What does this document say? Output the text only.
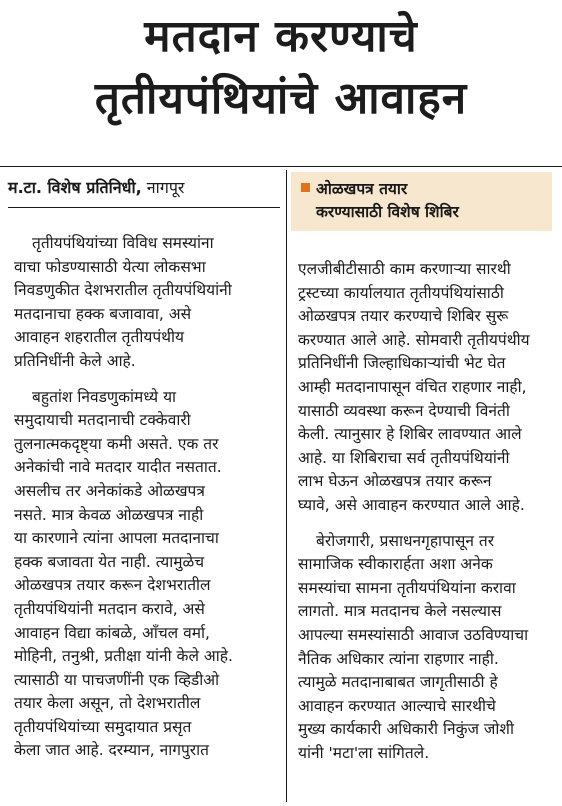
मतदान करण्याचे
तृतीयपंथियांचे आवाहन
म.टा. विशेष प्रतिनिधी, नागपूर	ओळखपत्र तयार
करण्यासाठी विशेष शिबिर
तृतीयपंथियांच्या विविध समस्यांना
वाचा फोडण्यासाठी येत्या लोकसभा
निवडणुकीत देशभरातील तृतीयपंथियांनी
मतदानाचा हक्क बजावावा, असे
आवाहन शहरातील तृतीयपंथीय
प्रतिनिधींनी केले आहे.
बहुतांश निवडणुकांमध्ये या
समुदायाची मतदानाची टक्केवारी
तुलनात्मकदृष्ट्या कमी असते. एक तर
अनेकांची नावे मतदार यादीत नसतात.
असलीच तर अनेकांकडे ओळखपत्र
नसते. मात्र केवळ ओळखपत्र नाही
या कारणाने त्यांना आपला मतदानाचा
हक्क बजावता येत नाही. त्यामुळेच
ओळखपत्र तयार करून देशभरातील
तृतीयपंथियांनी मतदान करावे, असे
आवाहन विद्या कांबळे, आँचल वर्मा,
मोहिनी, तनुश्री, प्रतीक्षा यांनी केले आहे.
त्यासाठी या पाचजणींनी एक व्हिडीओ
तयार केला असून, तो देशभरातील
तृतीयपंथियांच्या समुदायात प्रसृत
केला जात आहे. दरम्यान, नागपुरात
एलजीबीटीसाठी काम करणाऱ्या सारथी
ट्रस्टच्या कार्यालयात तृतीयपंथियांसाठी
ओळखपत्र तयार करण्याचे शिबिर सुरू
करण्यात आले आहे. सोमवारी तृतीयपंथीय
प्रतिनिधींनी जिल्हाधिकाऱ्यांची भेट घेत
आम्ही मतदानापासून वंचित राहणार नाही,
यासाठी व्यवस्था करून देण्याची विनंती
केली. त्यानुसार हे शिबिर लावण्यात आले
आहे. या शिबिराचा सर्व तृतीयपंथियांनी
लाभ घेऊन ओळखपत्र तयार करून
घ्यावे, असे आवाहन करण्यात आले आहे.
बेरोजगारी, प्रसाधनगृहापासून तर
सामाजिक स्वीकारार्हता अशा अनेक
समस्यांचा सामना तृतीयपंथियांना करावा
लागतो. मात्र मतदानच केले नसल्यास
आपल्या समस्यांसाठी आवाज उठविण्याचा
नैतिक अधिकार त्यांना राहणार नाही.
त्यामुळे मतदानाबाबत जागृतीसाठी हे
आवाहन करण्यात आल्याचे सारथीचे
मुख्य कार्यकारी अधिकारी निकुंज जोशी
यांनी 'मटा'ला सांगितले.
